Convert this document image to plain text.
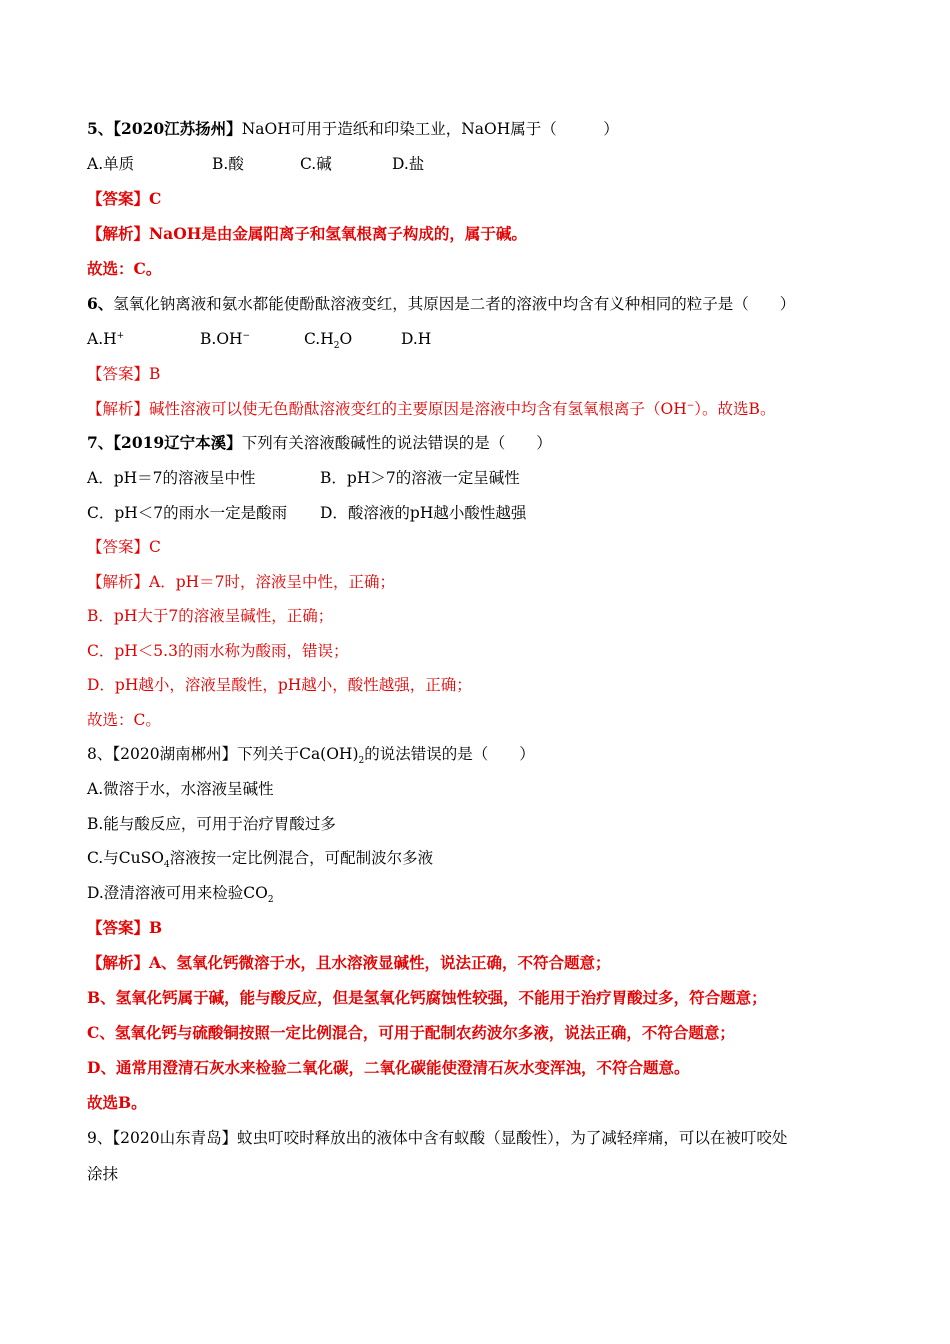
5、【2020江苏扬州】NaOH可用于造纸和印染工业，NaOH属于（　　　）
A.单质	B.酸	C.碱	D.盐
【答案】C
【解析】NaOH是由金属阳离子和氢氧根离子构成的，属于碱。
故选：C。
6、氢氧化钠离液和氨水都能使酚酞溶液变红，其原因是二者的溶液中均含有义种相同的粒子是（　　）
A.H+	B.OH−	$C.H_2O$	D.H
【答案】B
【解析】碱性溶液可以使无色酚酞溶液变红的主要原因是溶液中均含有氢氧根离子（OH−）。故选B。
7、【2019辽宁本溪】下列有关溶液酸碱性的说法错误的是（　　）
A．pH＝7的溶液呈中性	B．pH＞7的溶液一定呈碱性
C．pH＜7的雨水一定是酸雨 D．酸溶液的pH越小酸性越强
【答案】C
【解析】A．pH＝7时，溶液呈中性，正确；
B．pH大于7的溶液呈碱性，正确；
C．pH＜5.3的雨水称为酸雨，错误；
D．pH越小，溶液呈酸性，pH越小，酸性越强，正确；
故选：C。
8、【2020湖南郴州】下列关于$Ca(OH)_2$的说法错误的是（　　）
A.微溶于水，水溶液呈碱性
B.能与酸反应，可用于治疗胃酸过多
C.与CuSO$_4$溶液按一定比例混合，可配制波尔多液
D.澄清溶液可用来检验$CO_2$
【答案】B
【解析】A、氢氧化钙微溶于水，且水溶液显碱性，说法正确，不符合题意；
B、氢氧化钙属于碱，能与酸反应，但是氢氧化钙腐蚀性较强，不能用于治疗胃酸过多，符合题意；
C、氢氧化钙与硫酸铜按照一定比例混合，可用于配制农药波尔多液，说法正确，不符合题意；
D、通常用澄清石灰水来检验二氧化碳，二氧化碳能使澄清石灰水变浑浊，不符合题意。
故选B。
9、【2020山东青岛】蚊虫叮咬时释放出的液体中含有蚁酸（显酸性），为了减轻痒痛，可以在被叮咬处
涂抹
